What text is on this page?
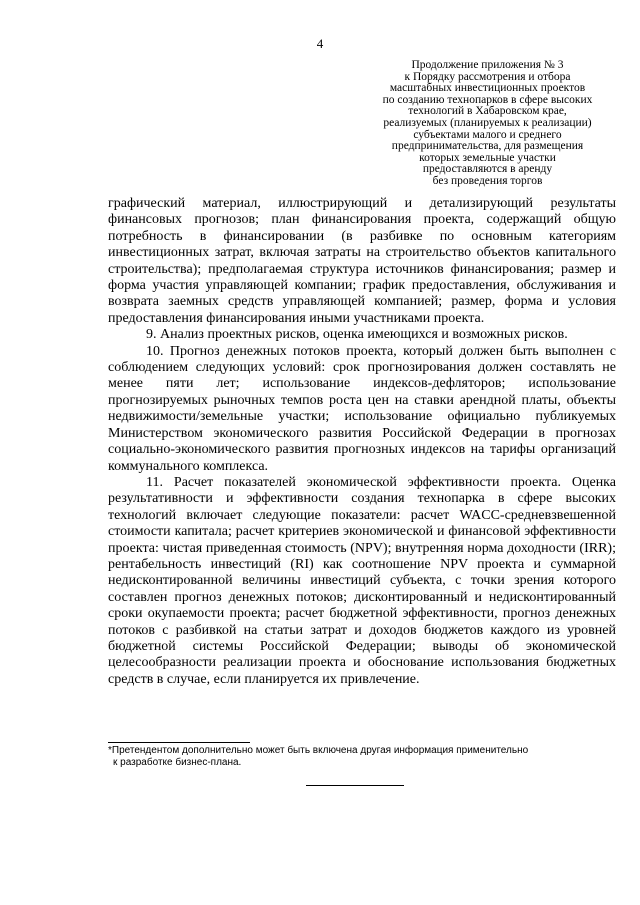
4
Продолжение приложения № 3
к Порядку рассмотрения и отбора
масштабных инвестиционных проектов
по созданию технопарков в сфере высоких
технологий в Хабаровском крае,
реализуемых (планируемых к реализации)
субъектами малого и среднего
предпринимательства, для размещения
которых земельные участки
предоставляются в аренду
без проведения торгов

графический материал, иллюстрирующий и детализирующий результаты финансовых прогнозов; план финансирования проекта, содержащий общую потребность в финансировании (в разбивке по основным категориям инвестиционных затрат, включая затраты на строительство объектов капитального строительства); предполагаемая структура источников финансирования; размер и форма участия управляющей компании; график предоставления, обслуживания и возврата заемных средств управляющей компанией; размер, форма и условия предоставления финансирования иными участниками проекта.

9. Анализ проектных рисков, оценка имеющихся и возможных рисков.

10. Прогноз денежных потоков проекта, который должен быть выполнен с соблюдением следующих условий: срок прогнозирования должен составлять не менее пяти лет; использование индексов-дефляторов; использование прогнозируемых рыночных темпов роста цен на ставки арендной платы, объекты недвижимости/земельные участки; использование официально публикуемых Министерством экономического развития Российской Федерации в прогнозах социально-экономического развития прогнозных индексов на тарифы организаций коммунального комплекса.

11. Расчет показателей экономической эффективности проекта. Оценка результативности и эффективности создания технопарка в сфере высоких технологий включает следующие показатели: расчет WACC-средневзвешенной стоимости капитала; расчет критериев экономической и финансовой эффективности проекта: чистая приведенная стоимость (NPV); внутренняя норма доходности (IRR); рентабельность инвестиций (RI) как соотношение NPV проекта и суммарной недисконтированной величины инвестиций субъекта, с точки зрения которого составлен прогноз денежных потоков; дисконтированный и недисконтированный сроки окупаемости проекта; расчет бюджетной эффективности, прогноз денежных потоков с разбивкой на статьи затрат и доходов бюджетов каждого из уровней бюджетной системы Российской Федерации; выводы об экономической целесообразности реализации проекта и обоснование использования бюджетных средств в случае, если планируется их привлечение.

*Претендентом дополнительно может быть включена другая информация применительно
к разработке бизнес-плана.
